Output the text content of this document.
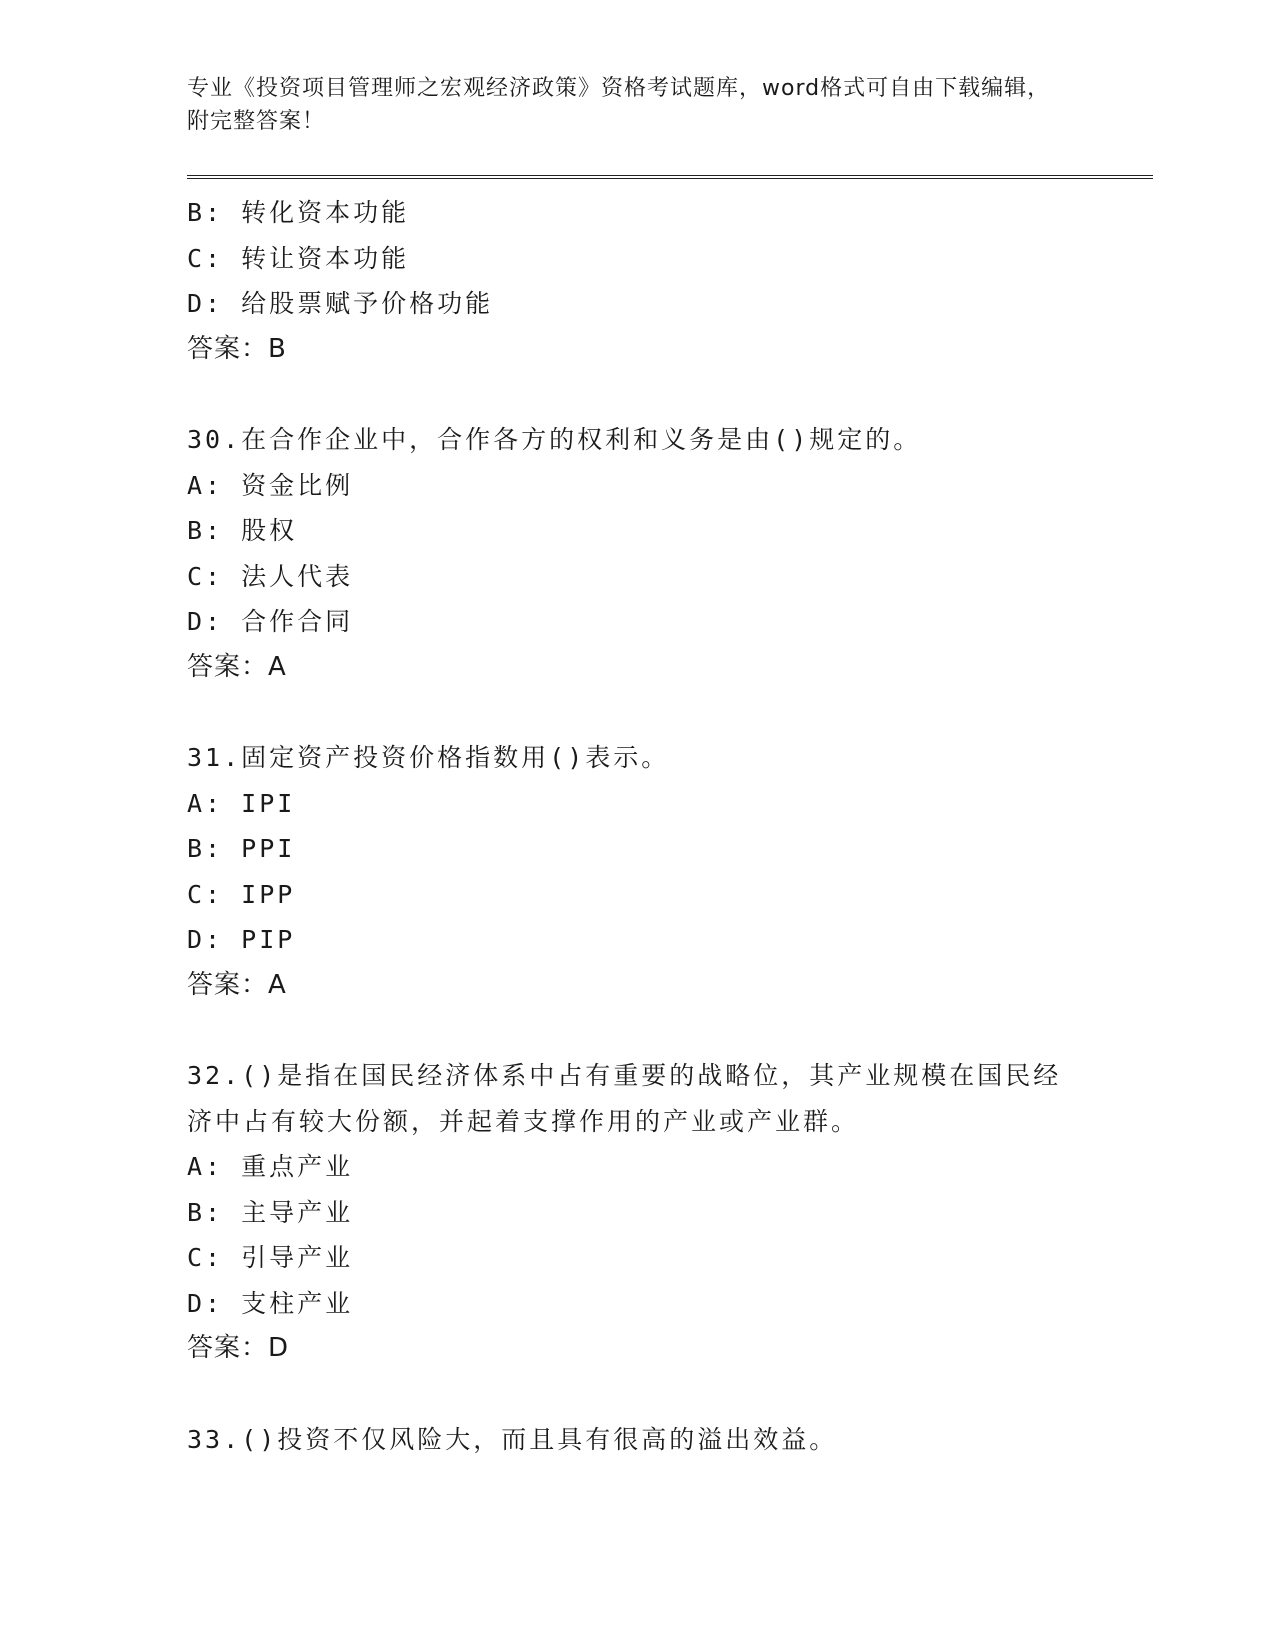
专业《投资项目管理师之宏观经济政策》资格考试题库，word格式可自由下载编辑，附完整答案！
B: 转化资本功能
C: 转让资本功能
D: 给股票赋予价格功能
答案：B
30.在合作企业中，合作各方的权利和义务是由()规定的。
A: 资金比例
B: 股权
C: 法人代表
D: 合作合同
答案：A
31.固定资产投资价格指数用()表示。
A: IPI
B: PPI
C: IPP
D: PIP
答案：A
32.()是指在国民经济体系中占有重要的战略位，其产业规模在国民经济中占有较大份额，并起着支撑作用的产业或产业群。
A: 重点产业
B: 主导产业
C: 引导产业
D: 支柱产业
答案：D
33.()投资不仅风险大，而且具有很高的溢出效益。
